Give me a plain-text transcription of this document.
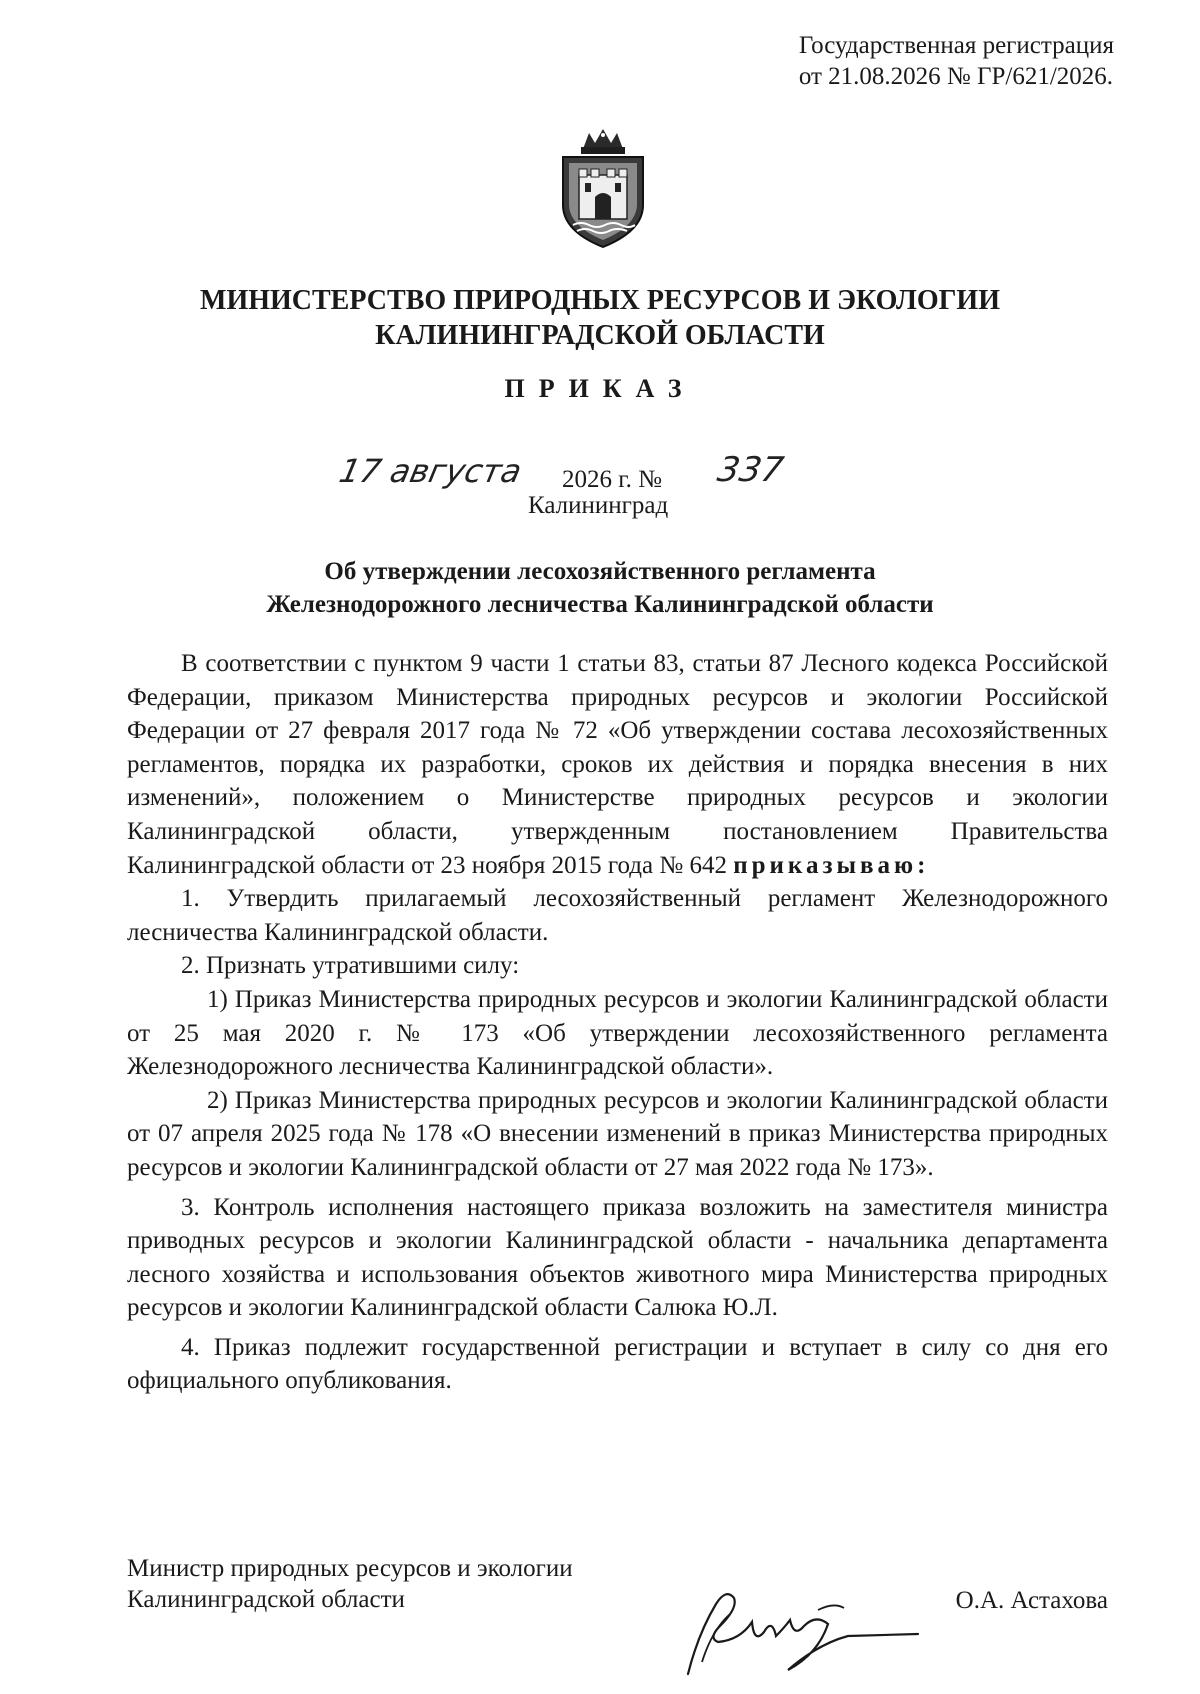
Государственная регистрация
от 21.08.2026 № ГР/621/2026.
МИНИСТЕРСТВО ПРИРОДНЫХ РЕСУРСОВ И ЭКОЛОГИИ
КАЛИНИНГРАДСКОЙ ОБЛАСТИ
ПРИКАЗ
17 августа 2026 г. № 337
Калининград
Об утверждении лесохозяйственного регламента
Железнодорожного лесничества Калининградской области

В соответствии с пунктом 9 части 1 статьи 83, статьи 87 Лесного кодекса Российской Федерации, приказом Министерства природных ресурсов и экологии Российской Федерации от 27 февраля 2017 года № 72 «Об утверждении состава лесохозяйственных регламентов, порядка их разработки, сроков их действия и порядка внесения в них изменений», положением о Министерстве природных ресурсов и экологии Калининградской области, утвержденным постановлением Правительства Калининградской области от 23 ноября 2015 года № 642 приказываю:

1. Утвердить прилагаемый лесохозяйственный регламент Железнодорожного лесничества Калининградской области.

2. Признать утратившими силу:

1) Приказ Министерства природных ресурсов и экологии Калининградской области от 25 мая 2020 г. № 173 «Об утверждении лесохозяйственного регламента Железнодорожного лесничества Калининградской области».

2) Приказ Министерства природных ресурсов и экологии Калининградской области от 07 апреля 2025 года № 178 «О внесении изменений в приказ Министерства природных ресурсов и экологии Калининградской области от 27 мая 2022 года № 173».

3. Контроль исполнения настоящего приказа возложить на заместителя министра приводных ресурсов и экологии Калининградской области - начальника департамента лесного хозяйства и использования объектов животного мира Министерства природных ресурсов и экологии Калининградской области Салюка Ю.Л.

4. Приказ подлежит государственной регистрации и вступает в силу со дня его официального опубликования.

Министр природных ресурсов и экологии
Калининградской области	О.А. Астахова
